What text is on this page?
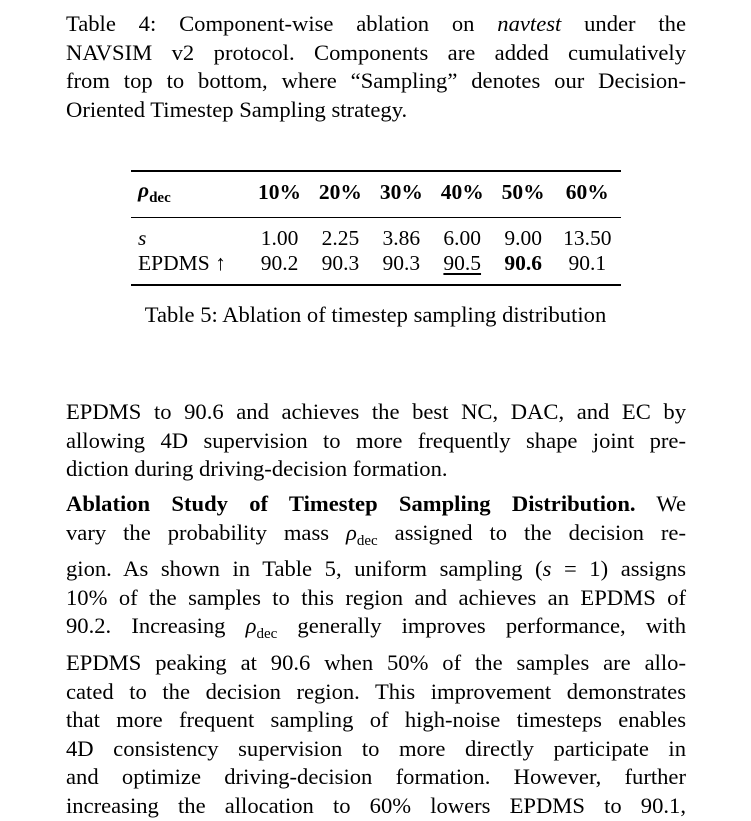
Table 4: Component-wise ablation on navtest under the
NAVSIM v2 protocol. Components are added cumulatively
from top to bottom, where “Sampling” denotes our Decision-
Oriented Timestep Sampling strategy.
$\rho_{dec}$	10%	20%	30%	40%	50%	60%
s	1.00	2.25	3.86	6.00	9.00	13.50
EPDMS ↑	90.2	90.3	90.3	90.5	90.6	90.1
Table 5: Ablation of timestep sampling distribution
EPDMS to 90.6 and achieves the best NC, DAC, and EC by
allowing 4D supervision to more frequently shape joint pre-
diction during driving-decision formation.
Ablation Study of Timestep Sampling Distribution. We
vary the probability mass $\rho_{dec}$ assigned to the decision re-
gion. As shown in Table 5, uniform sampling (s = 1) assigns
10% of the samples to this region and achieves an EPDMS of
90.2. Increasing $\rho_{dec}$ generally improves performance, with
EPDMS peaking at 90.6 when 50% of the samples are allo-
cated to the decision region. This improvement demonstrates
that more frequent sampling of high-noise timesteps enables
4D consistency supervision to more directly participate in
and optimize driving-decision formation. However, further
increasing the allocation to 60% lowers EPDMS to 90.1,
